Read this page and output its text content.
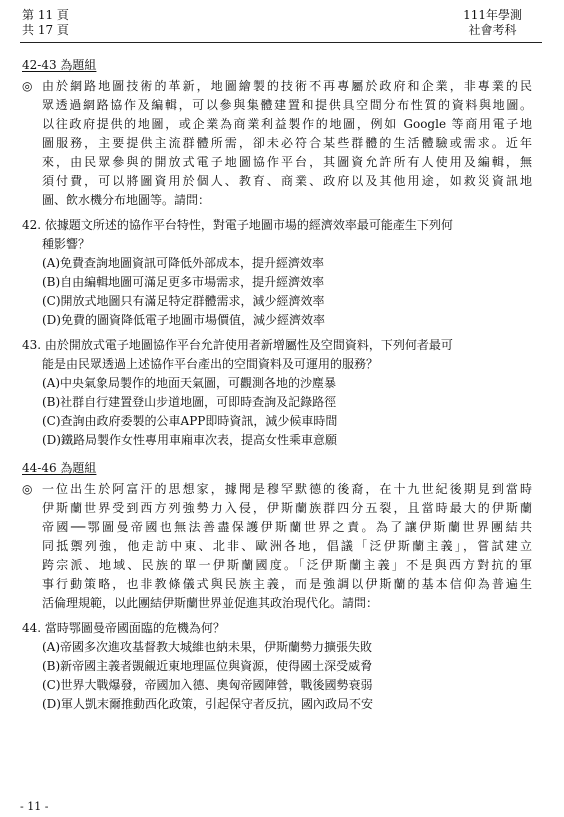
第 11 頁
共 17 頁
111年學測
社會考科
42-43 為題組
◎ 由於網路地圖技術的革新，地圖繪製的技術不再專屬於政府和企業，非專業的民
眾透過網路協作及編輯，可以參與集體建置和提供具空間分布性質的資料與地圖。
以往政府提供的地圖，或企業為商業利益製作的地圖，例如 Google 等商用電子地
圖服務，主要提供主流群體所需，卻未必符合某些群體的生活體驗或需求。近年
來，由民眾參與的開放式電子地圖協作平台，其圖資允許所有人使用及編輯，無
須付費，可以將圖資用於個人、教育、商業、政府以及其他用途，如救災資訊地
圖、飲水機分布地圖等。請問：
42. 依據題文所述的協作平台特性，對電子地圖市場的經濟效率最可能產生下列何
種影響？
(A)免費查詢地圖資訊可降低外部成本，提升經濟效率
(B)自由編輯地圖可滿足更多市場需求，提升經濟效率
(C)開放式地圖只有滿足特定群體需求，減少經濟效率
(D)免費的圖資降低電子地圖市場價值，減少經濟效率
43. 由於開放式電子地圖協作平台允許使用者新增屬性及空間資料，下列何者最可
能是由民眾透過上述協作平台產出的空間資料及可運用的服務？
(A)中央氣象局製作的地面天氣圖，可觀測各地的沙塵暴
(B)社群自行建置登山步道地圖，可即時查詢及記錄路徑
(C)查詢由政府委製的公車APP即時資訊，減少候車時間
(D)鐵路局製作女性專用車廂車次表，提高女性乘車意願
44-46 為題組
◎ 一位出生於阿富汗的思想家，據聞是穆罕默德的後裔，在十九世紀後期見到當時
伊斯蘭世界受到西方列強勢力入侵，伊斯蘭族群四分五裂，且當時最大的伊斯蘭
帝國──鄂圖曼帝國也無法善盡保護伊斯蘭世界之責。為了讓伊斯蘭世界團結共
同抵禦列強，他走訪中東、北非、歐洲各地，倡議「泛伊斯蘭主義」，嘗試建立
跨宗派、地域、民族的單一伊斯蘭國度。「泛伊斯蘭主義」不是與西方對抗的軍
事行動策略，也非教條儀式與民族主義，而是強調以伊斯蘭的基本信仰為普遍生
活倫理規範，以此團結伊斯蘭世界並促進其政治現代化。請問：
44. 當時鄂圖曼帝國面臨的危機為何？
(A)帝國多次進攻基督教大城維也納未果，伊斯蘭勢力擴張失敗
(B)新帝國主義者覬覦近東地理區位與資源，使得國土深受威脅
(C)世界大戰爆發，帝國加入德、奧匈帝國陣營，戰後國勢衰弱
(D)軍人凱末爾推動西化政策，引起保守者反抗，國內政局不安
- 11 -
